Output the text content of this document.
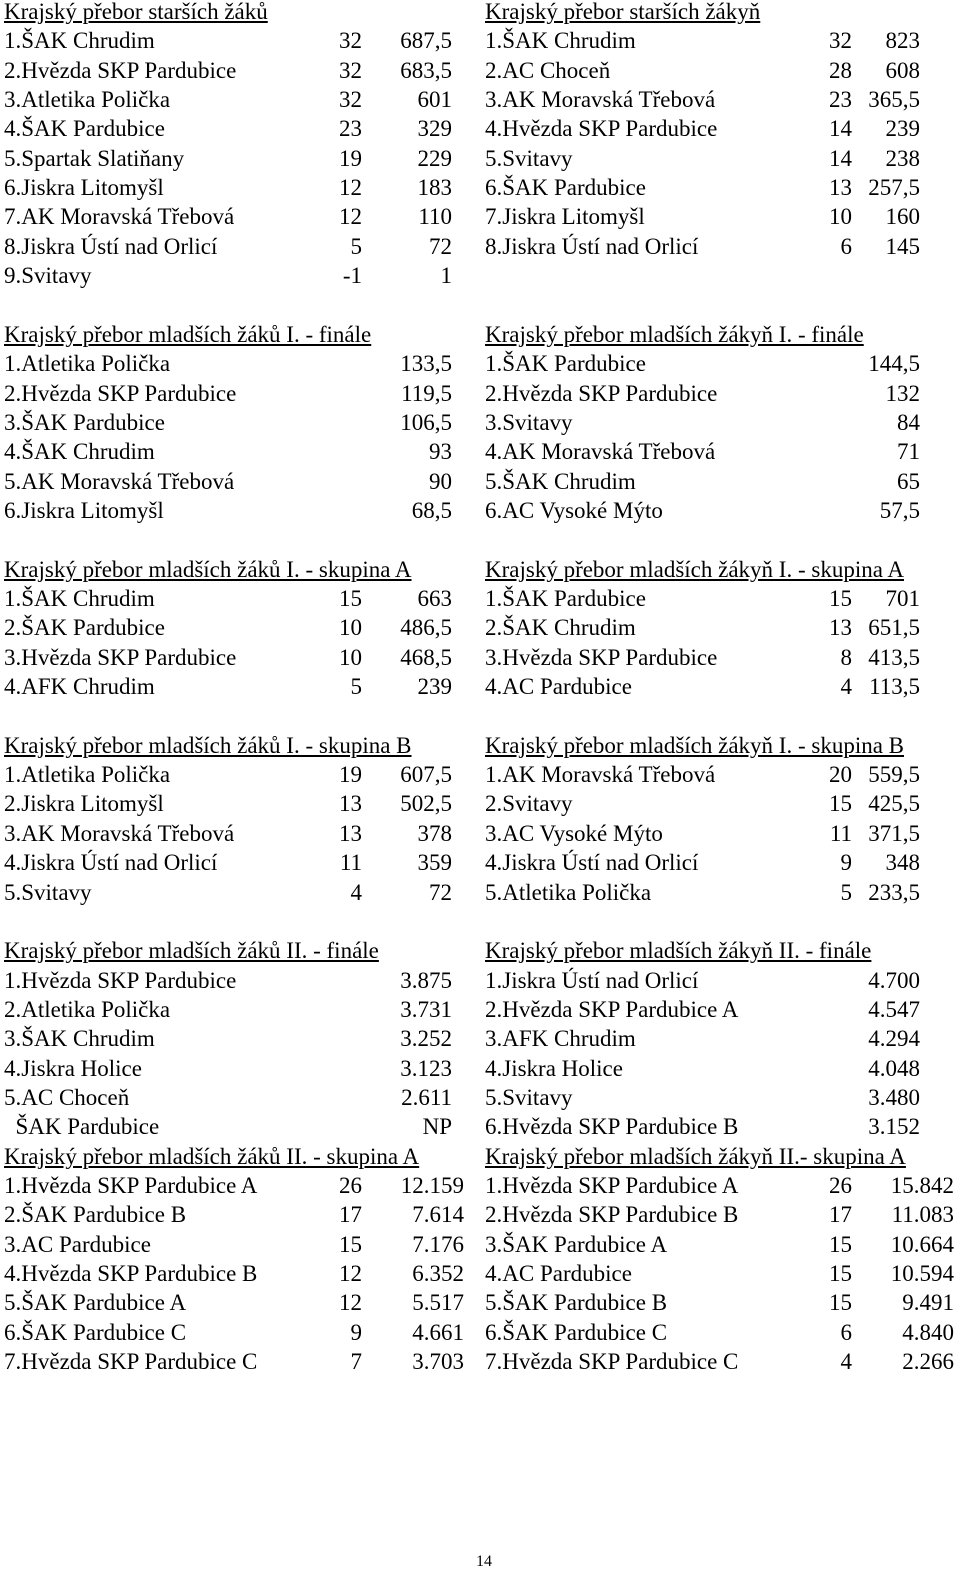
Krajský přebor starších žáků
1.ŠAK Chrudim	32 687,5
2.Hvězda SKP Pardubice	32 683,5
3.Atletika Polička	32 601
4.ŠAK Pardubice	23 329
5.Spartak Slatiňany	19 229
6.Jiskra Litomyšl	12 183
7.AK Moravská Třebová	12 110
8.Jiskra Ústí nad Orlicí	5	72
9.Svitavy	-1	1
Krajský přebor mladších žáků I. - finále
1.Atletika Polička	133,5
2.Hvězda SKP Pardubice	119,5
3.ŠAK Pardubice	106,5
4.ŠAK Chrudim	93
5.AK Moravská Třebová	90
6.Jiskra Litomyšl	68,5
Krajský přebor mladších žáků I. - skupina A
1.ŠAK Chrudim	15 663
2.ŠAK Pardubice	10 486,5
3.Hvězda SKP Pardubice	10 468,5
4.AFK Chrudim	5 239
Krajský přebor mladších žáků I. - skupina B
1.Atletika Polička	19 607,5
2.Jiskra Litomyšl	13 502,5
3.AK Moravská Třebová	13 378
4.Jiskra Ústí nad Orlicí	11 359
5.Svitavy	4	72
Krajský přebor mladších žáků II. - finále
1.Hvězda SKP Pardubice	3.875
2.Atletika Polička	3.731
3.ŠAK Chrudim	3.252
4.Jiskra Holice	3.123
5.AC Choceň	2.611
ŠAK Pardubice	NP
Krajský přebor mladších žáků II. - skupina A
1.Hvězda SKP Pardubice A	26 12.159
2.ŠAK Pardubice B	17 7.614
3.AC Pardubice	15 7.176
4.Hvězda SKP Pardubice B	12 6.352
5.ŠAK Pardubice A	12 5.517
6.ŠAK Pardubice C	9 4.661
7.Hvězda SKP Pardubice C	7 3.703
Krajský přebor starších žákyň
1.ŠAK Chrudim	32 823
2.AC Choceň	28 608
3.AK Moravská Třebová	23 365,5
4.Hvězda SKP Pardubice	14 239
5.Svitavy	14 238
6.ŠAK Pardubice	13 257,5
7.Jiskra Litomyšl	10 160
8.Jiskra Ústí nad Orlicí	6 145
Krajský přebor mladších žákyň I. - finále
1.ŠAK Pardubice	144,5
2.Hvězda SKP Pardubice	132
3.Svitavy	84
4.AK Moravská Třebová	71
5.ŠAK Chrudim	65
6.AC Vysoké Mýto	57,5
Krajský přebor mladších žákyň I. - skupina A
1.ŠAK Pardubice	15 701
2.ŠAK Chrudim	13 651,5
3.Hvězda SKP Pardubice	8 413,5
4.AC Pardubice	4 113,5
Krajský přebor mladších žákyň I. - skupina B
1.AK Moravská Třebová	20 559,5
2.Svitavy	15 425,5
3.AC Vysoké Mýto	11 371,5
4.Jiskra Ústí nad Orlicí	9 348
5.Atletika Polička	5 233,5
Krajský přebor mladších žákyň II. - finále
1.Jiskra Ústí nad Orlicí	4.700
2.Hvězda SKP Pardubice A	4.547
3.AFK Chrudim	4.294
4.Jiskra Holice	4.048
5.Svitavy	3.480
6.Hvězda SKP Pardubice B	3.152
Krajský přebor mladších žákyň II.- skupina A
1.Hvězda SKP Pardubice A	26 15.842
2.Hvězda SKP Pardubice B	17 11.083
3.ŠAK Pardubice A	15 10.664
4.AC Pardubice	15 10.594
5.ŠAK Pardubice B	15 9.491
6.ŠAK Pardubice C	6 4.840
7.Hvězda SKP Pardubice C	4 2.266
14
